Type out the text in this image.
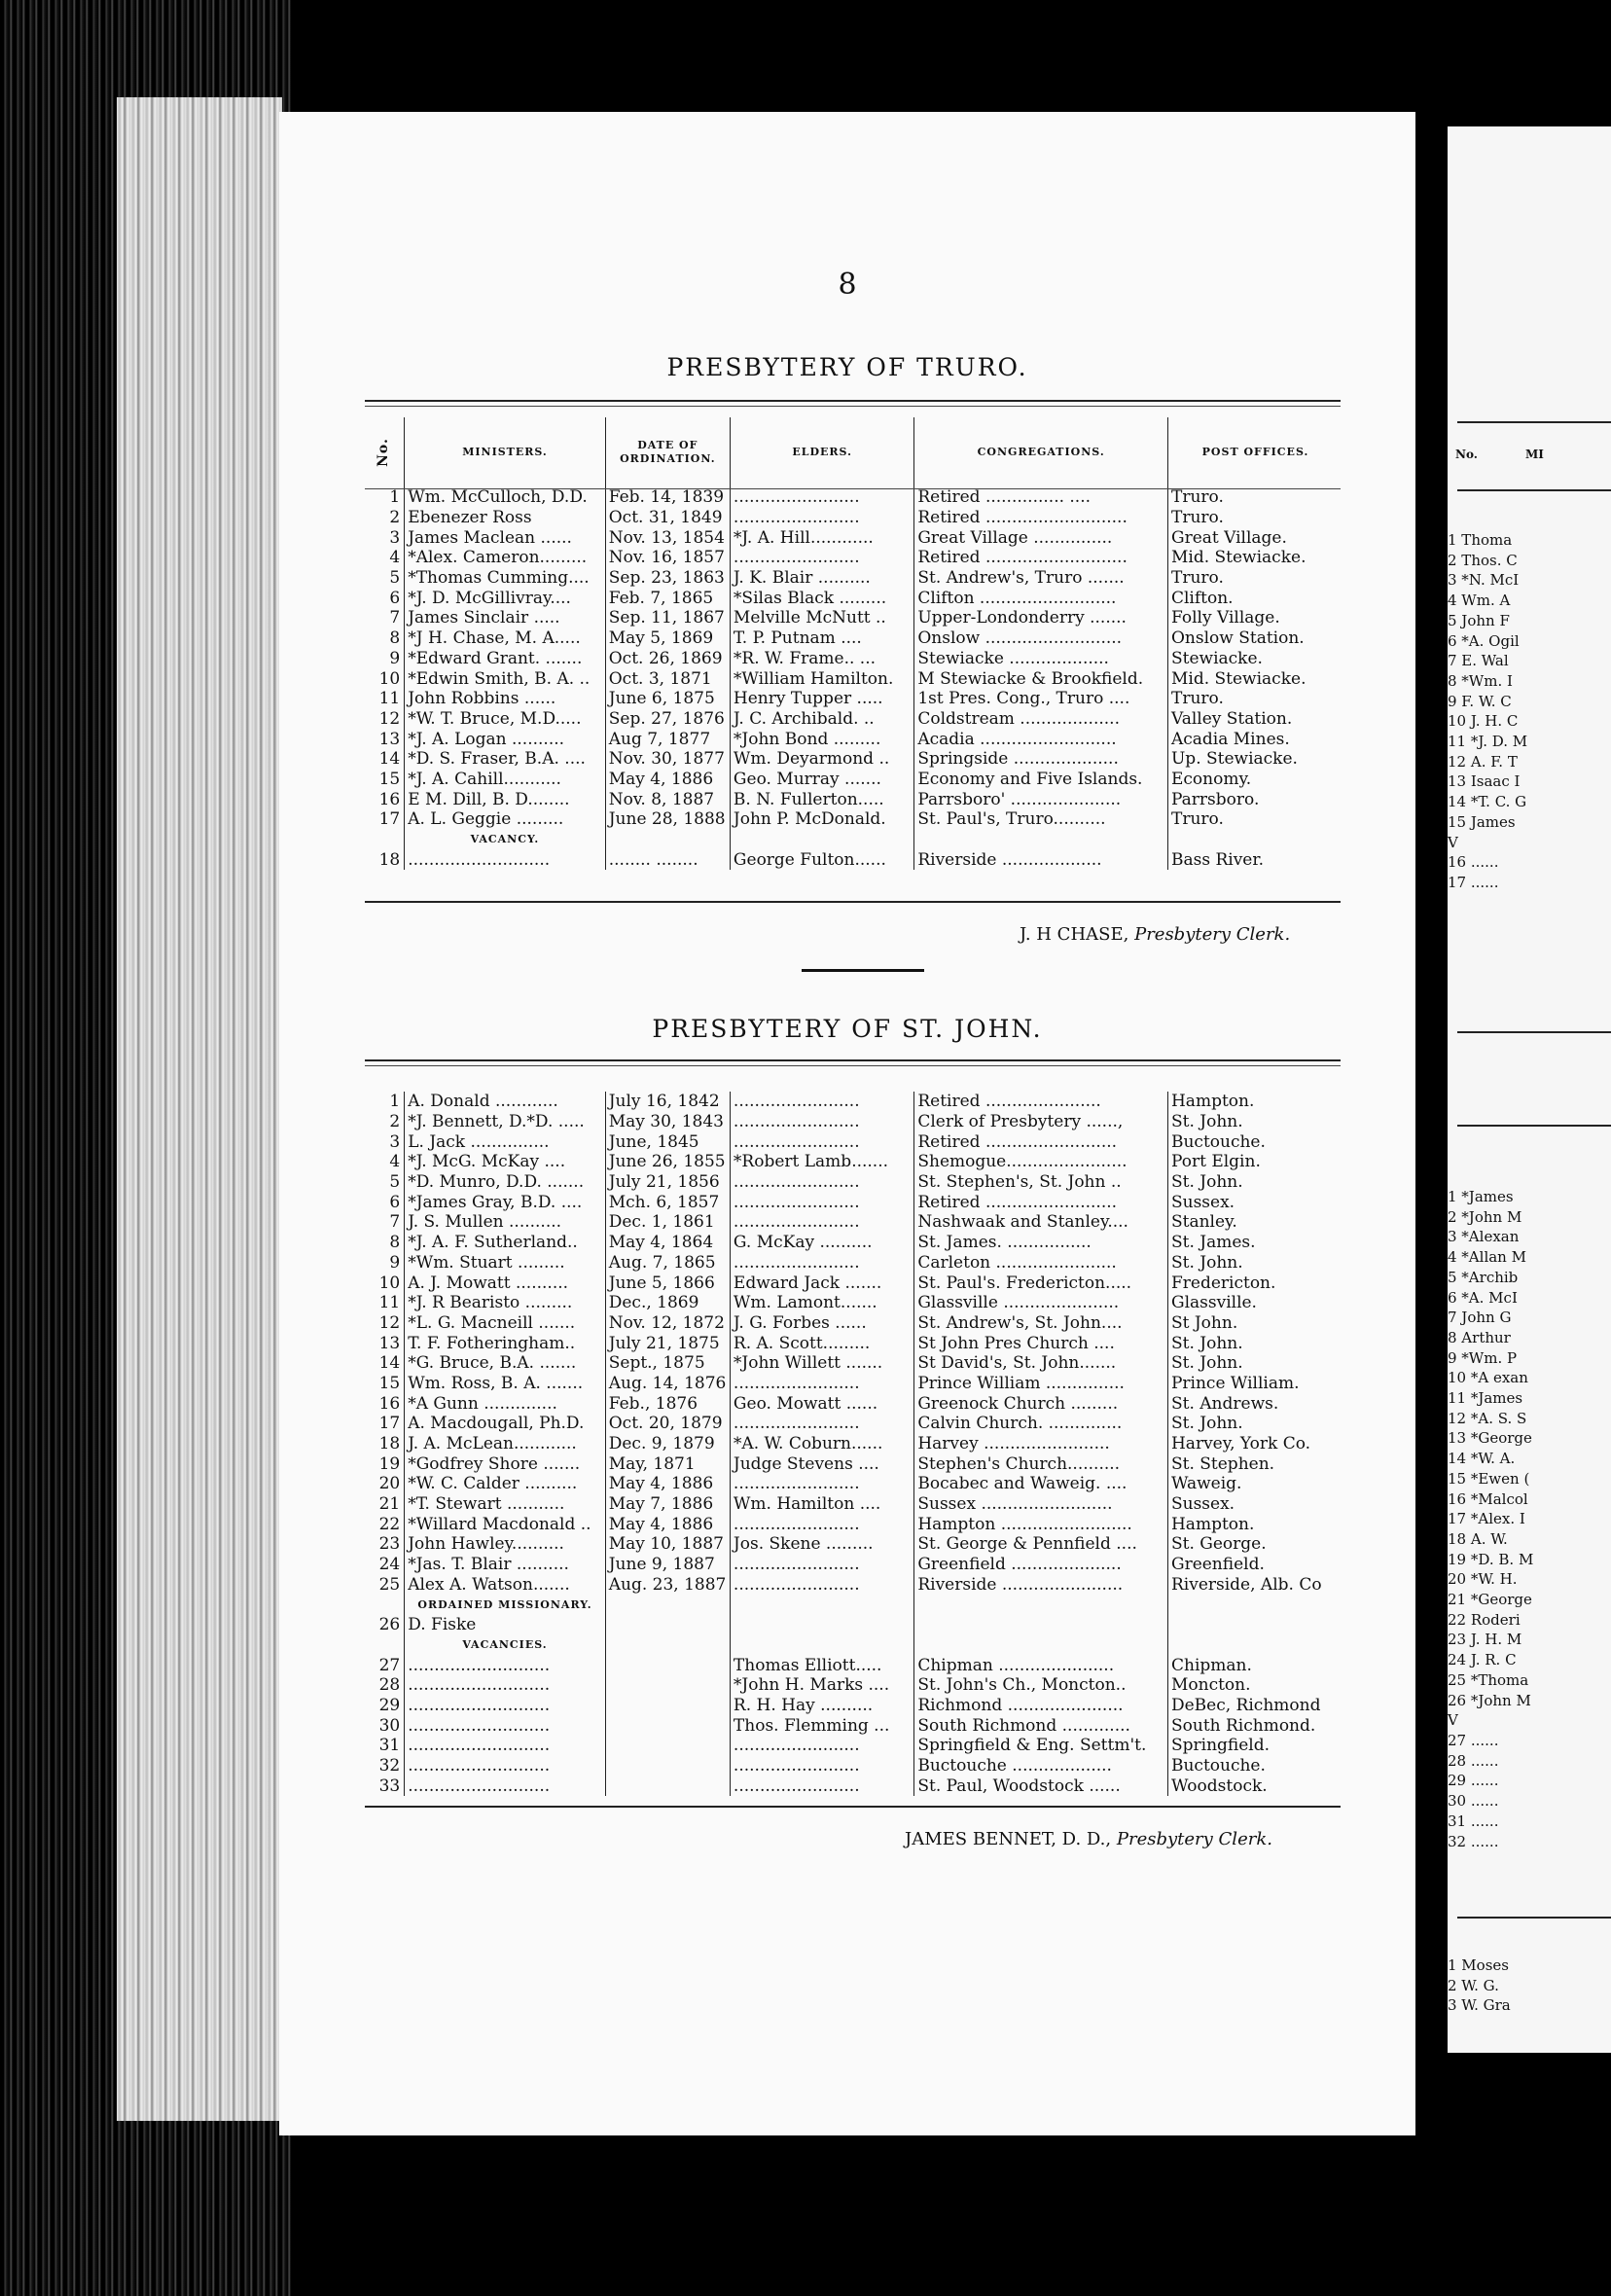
8
PRESBYTERY OF TRURO.
No.	MINISTERS.	DATE OF ORDINATION.	ELDERS.	CONGREGATIONS.	POST OFFICES.
1	Wm. McCulloch, D.D.	Feb. 14, 1839	........................	Retired ............... ....	Truro.
2	Ebenezer Ross	Oct. 31, 1849	........................	Retired ...........................	Truro.
3	James Maclean ......	Nov. 13, 1854	*J. A. Hill............	Great Village ...............	Great Village.
4	*Alex. Cameron.........	Nov. 16, 1857	........................	Retired ...........................	Mid. Stewiacke.
5	*Thomas Cumming....	Sep. 23, 1863	J. K. Blair ..........	St. Andrew's, Truro .......	Truro.
6	*J. D. McGillivray....	Feb. 7, 1865	*Silas Black .........	Clifton ..........................	Clifton.
7	James Sinclair .....	Sep. 11, 1867	Melville McNutt ..	Upper-Londonderry .......	Folly Village.
8	*J H. Chase, M. A.....	May 5, 1869	T. P. Putnam ....	Onslow ..........................	Onslow Station.
9	*Edward Grant. .......	Oct. 26, 1869	*R. W. Frame.. ...	Stewiacke ...................	Stewiacke.
10	*Edwin Smith, B. A. ..	Oct. 3, 1871	*William Hamilton.	M Stewiacke & Brookfield.	Mid. Stewiacke.
11	John Robbins ......	June 6, 1875	Henry Tupper .....	1st Pres. Cong., Truro ....	Truro.
12	*W. T. Bruce, M.D.....	Sep. 27, 1876	J. C. Archibald. ..	Coldstream ...................	Valley Station.
13	*J. A. Logan ..........	Aug 7, 1877	*John Bond .........	Acadia ..........................	Acadia Mines.
14	*D. S. Fraser, B.A. ....	Nov. 30, 1877	Wm. Deyarmond ..	Springside ....................	Up. Stewiacke.
15	*J. A. Cahill...........	May 4, 1886	Geo. Murray .......	Economy and Five Islands.	Economy.
16	E M. Dill, B. D........	Nov. 8, 1887	B. N. Fullerton.....	Parrsboro' .....................	Parrsboro.
17	A. L. Geggie .........	June 28, 1888	John P. McDonald.	St. Paul's, Truro..........	Truro.
	VACANCY.				
18	...........................	........ ........	George Fulton......	Riverside ...................	Bass River.
J. H CHASE, Presbytery Clerk.
PRESBYTERY OF ST. JOHN.
1	A. Donald ............	July 16, 1842	........................	Retired ......................	Hampton.
2	*J. Bennett, D.*D. .....	May 30, 1843	........................	Clerk of Presbytery ......,	St. John.
3	L. Jack ...............	June, 1845	........................	Retired .........................	Buctouche.
4	*J. McG. McKay ....	June 26, 1855	*Robert Lamb.......	Shemogue.......................	Port Elgin.
5	*D. Munro, D.D. .......	July 21, 1856	........................	St. Stephen's, St. John ..	St. John.
6	*James Gray, B.D. ....	Mch. 6, 1857	........................	Retired .........................	Sussex.
7	J. S. Mullen ..........	Dec. 1, 1861	........................	Nashwaak and Stanley....	Stanley.
8	*J. A. F. Sutherland..	May 4, 1864	G. McKay ..........	St. James. ................	St. James.
9	*Wm. Stuart .........	Aug. 7, 1865	........................	Carleton .......................	St. John.
10	A. J. Mowatt ..........	June 5, 1866	Edward Jack .......	St. Paul's. Fredericton.....	Fredericton.
11	*J. R Bearisto .........	Dec., 1869	Wm. Lamont.......	Glassville ......................	Glassville.
12	*L. G. Macneill .......	Nov. 12, 1872	J. G. Forbes ......	St. Andrew's, St. John....	St John.
13	T. F. Fotheringham..	July 21, 1875	R. A. Scott.........	St John Pres Church ....	St. John.
14	*G. Bruce, B.A. .......	Sept., 1875	*John Willett .......	St David's, St. John.......	St. John.
15	Wm. Ross, B. A. .......	Aug. 14, 1876	........................	Prince William ...............	Prince William.
16	*A Gunn ..............	Feb., 1876	Geo. Mowatt ......	Greenock Church .........	St. Andrews.
17	A. Macdougall, Ph.D.	Oct. 20, 1879	........................	Calvin Church. ..............	St. John.
18	J. A. McLean............	Dec. 9, 1879	*A. W. Coburn......	Harvey ........................	Harvey, York Co.
19	*Godfrey Shore .......	May, 1871	Judge Stevens ....	Stephen's Church..........	St. Stephen.
20	*W. C. Calder ..........	May 4, 1886	........................	Bocabec and Waweig. ....	Waweig.
21	*T. Stewart ...........	May 7, 1886	Wm. Hamilton ....	Sussex .........................	Sussex.
22	*Willard Macdonald ..	May 4, 1886	........................	Hampton .........................	Hampton.
23	John Hawley..........	May 10, 1887	Jos. Skene .........	St. George & Pennfield ....	St. George.
24	*Jas. T. Blair ..........	June 9, 1887	........................	Greenfield .....................	Greenfield.
25	Alex A. Watson.......	Aug. 23, 1887	........................	Riverside .......................	Riverside, Alb. Co
	ORDAINED MISSIONARY.				
26	D. Fiske				
	VACANCIES.				
27	...........................		Thomas Elliott.....	Chipman ......................	Chipman.
28	...........................		*John H. Marks ....	St. John's Ch., Moncton..	Moncton.
29	...........................		R. H. Hay ..........	Richmond ......................	DeBec, Richmond
30	...........................		Thos. Flemming ...	South Richmond .............	South Richmond.
31	...........................		........................	Springfield & Eng. Settm't.	Springfield.
32	...........................		........................	Buctouche ...................	Buctouche.
33	...........................		........................	St. Paul, Woodstock ......	Woodstock.
JAMES BENNET, D. D., Presbytery Clerk.
No.	MI
1 Thoma
2 Thos. C
3 *N. McI
4 Wm. A
5 John F
6 *A. Ogil
7 E. Wal
8 *Wm. I
9 F. W. C
10 J. H. C
11 *J. D. M
12 A. F. T
13 Isaac I
14 *T. C. G
15 James
V
16 ......
17 ......
1 *James
2 *John M
3 *Alexan
4 *Allan M
5 *Archib
6 *A. McI
7 John G
8 Arthur
9 *Wm. P
10 *A exan
11 *James
12 *A. S. S
13 *George
14 *W. A.
15 *Ewen (
16 *Malcol
17 *Alex. I
18 A. W.
19 *D. B. M
20 *W. H.
21 *George
22 Roderi
23 J. H. M
24 J. R. C
25 *Thoma
26 *John M
V
27 ......
28 ......
29 ......
30 ......
31 ......
32 ......
1 Moses
2 W. G.
3 W. Gra
